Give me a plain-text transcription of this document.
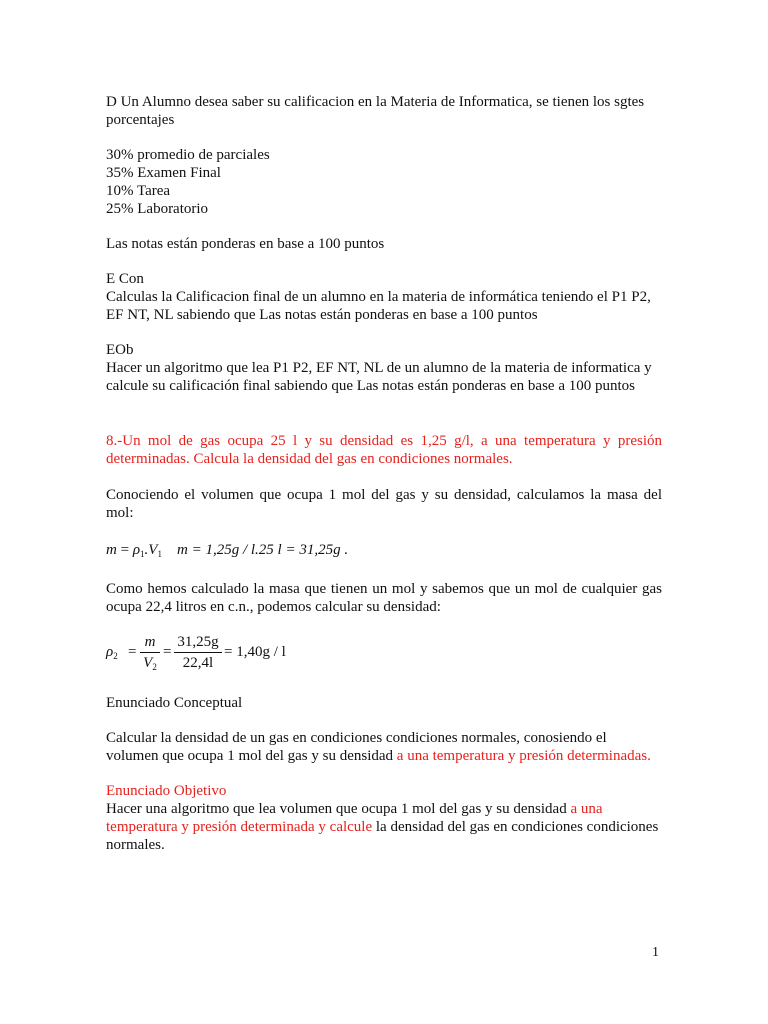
D Un Alumno desea saber su calificacion en la Materia de Informatica, se tienen los sgtes
porcentajes
30% promedio de parciales
35% Examen Final
10% Tarea
25% Laboratorio
Las notas están ponderas en base a 100 puntos
E Con
Calculas la Calificacion final de un alumno en la materia de informática teniendo el P1 P2,
EF NT, NL sabiendo que Las notas están ponderas en base a 100 puntos
EOb
Hacer un algoritmo que lea P1 P2, EF NT, NL de un alumno de la materia de informatica y
calcule su calificación final sabiendo que Las notas están ponderas en base a 100 puntos
8.-Un mol de gas ocupa 25 l y su densidad es 1,25 g/l, a una temperatura y presión
determinadas. Calcula la densidad del gas en condiciones normales.
Conociendo el volumen que ocupa 1 mol del gas y su densidad, calculamos la masa del
mol:
$m = \rho_1.V_1$ m = 1,25g / l.25 l = 31,25g .
Como hemos calculado la masa que tienen un mol y sabemos que un mol de cualquier gas
ocupa 22,4 litros en c.n., podemos calcular su densidad:
$\rho_2$ =
m
$V_2$
=
31,25g
22,4l
= 1,40g / l
Enunciado Conceptual
Calcular la densidad de un gas en condiciones condiciones normales, conosiendo el
volumen que ocupa 1 mol del gas y su densidad a una temperatura y presión determinadas.
Enunciado Objetivo
Hacer una algoritmo que lea volumen que ocupa 1 mol del gas y su densidad a una
temperatura y presión determinada y calcule la densidad del gas en condiciones condiciones
normales.
1
